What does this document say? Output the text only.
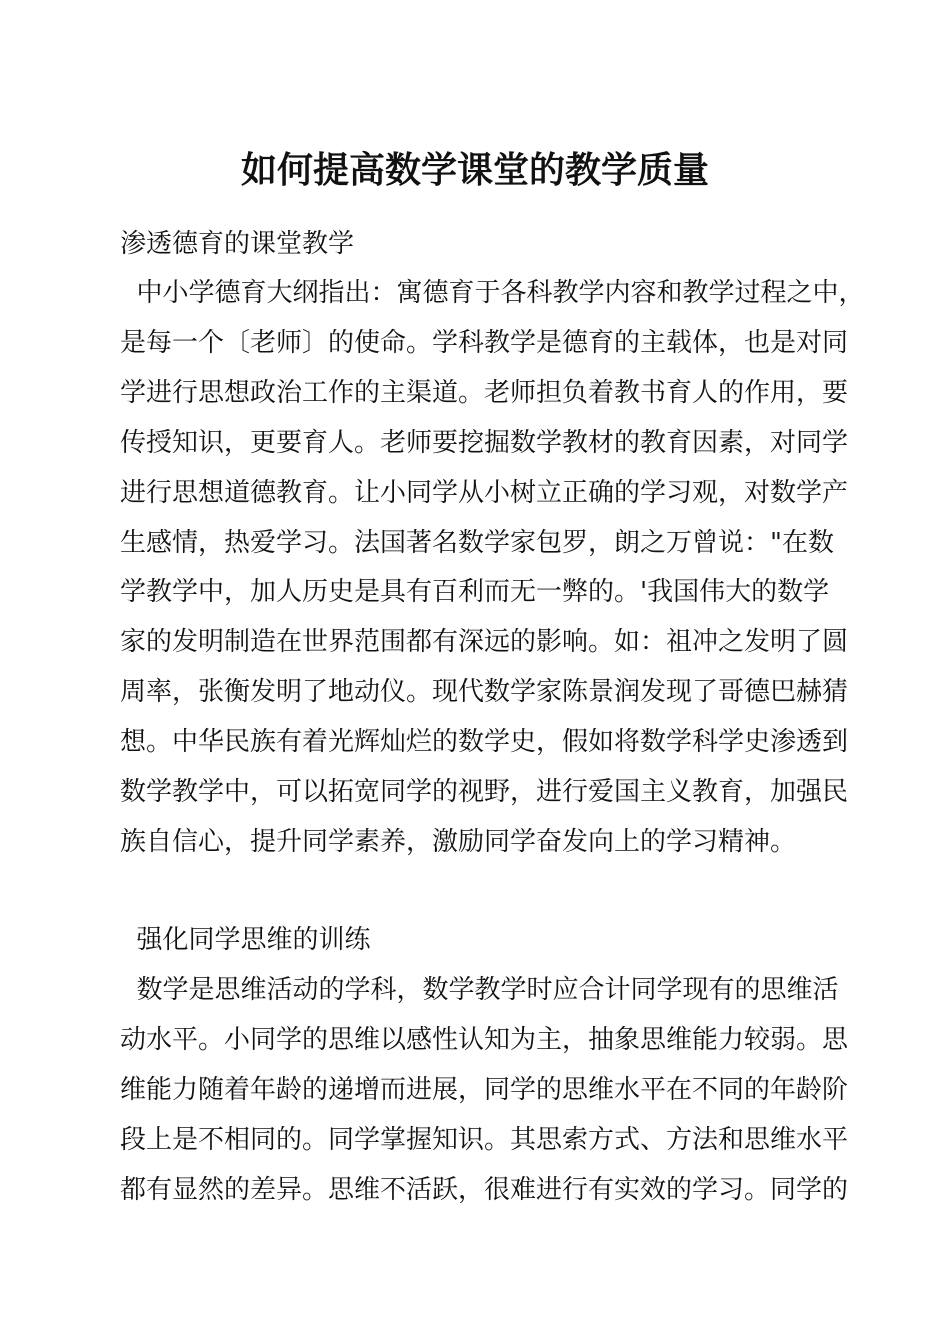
如何提高数学课堂的教学质量
渗透德育的课堂教学
中小学德育大纲指出：寓德育于各科教学内容和教学过程之中，
是每一个〔老师〕的使命。学科教学是德育的主载体，也是对同
学进行思想政治工作的主渠道。老师担负着教书育人的作用，要
传授知识，更要育人。老师要挖掘数学教材的教育因素，对同学
进行思想道德教育。让小同学从小树立正确的学习观，对数学产
生感情，热爱学习。法国著名数学家包罗，朗之万曾说："在数
学教学中，加人历史是具有百利而无一弊的。'我国伟大的数学
家的发明制造在世界范围都有深远的影响。如：祖冲之发明了圆
周率，张衡发明了地动仪。现代数学家陈景润发现了哥德巴赫猜
想。中华民族有着光辉灿烂的数学史，假如将数学科学史渗透到
数学教学中，可以拓宽同学的视野，进行爱国主义教育，加强民
族自信心，提升同学素养，激励同学奋发向上的学习精神。
强化同学思维的训练
数学是思维活动的学科，数学教学时应合计同学现有的思维活
动水平。小同学的思维以感性认知为主，抽象思维能力较弱。思
维能力随着年龄的递增而进展，同学的思维水平在不同的年龄阶
段上是不相同的。同学掌握知识。其思索方式、方法和思维水平
都有显然的差异。思维不活跃，很难进行有实效的学习。同学的
